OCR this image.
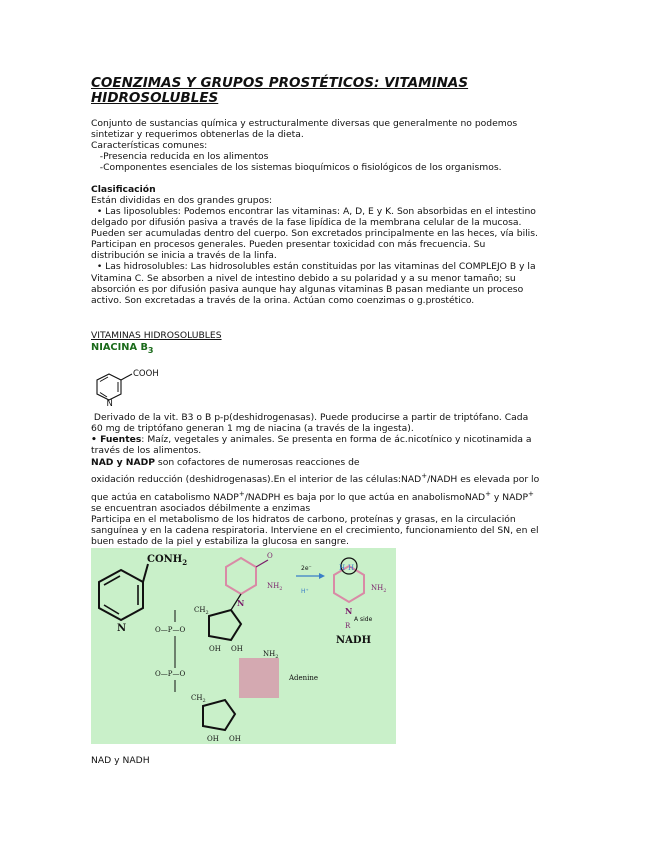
COENZIMAS Y GRUPOS PROSTÉTICOS: VITAMINAS
HIDROSOLUBLES

Conjunto de sustancias química y estructuralmente diversas que generalmente no podemos

sintetizar y requerimos obtenerlas de la dieta.

Características comunes:

-Presencia reducida en los alimentos

-Componentes esenciales de los sistemas bioquímicos o fisiológicos de los organismos.

Clasificación

Están divididas en dos grandes grupos:

• Las liposolubles: Podemos encontrar las vitaminas: A, D, E y K. Son absorbidas en el intestino

delgado por difusión pasiva a través de la fase lipídica de la membrana celular de la mucosa.

Pueden ser acumuladas dentro del cuerpo. Son excretados principalmente en las heces, vía bilis.

Participan en procesos generales. Pueden presentar toxicidad con más frecuencia. Su

distribución se inicia a través de la linfa.

• Las hidrosolubles: Las hidrosolubles están constituidas por las vitaminas del COMPLEJO B y la

Vitamina C. Se absorben a nivel de intestino debido a su polaridad y a su menor tamaño; su

absorción es por difusión pasiva aunque hay algunas vitaminas B pasan mediante un proceso

activo. Son excretadas a través de la orina. Actúan como coenzimas o g.prostético.

VITAMINAS HIDROSOLUBLES

NIACINA $B_3$

COOH
N

Derivado de la vit. B3 o B p-p(deshidrogenasas). Puede producirse a partir de triptófano. Cada

60 mg de triptófano generan 1 mg de niacina (a través de la ingesta).

• Fuentes: Maíz, vegetales y animales. Se presenta en forma de ác.nicotínico y nicotinamida a

través de los alimentos.

NAD y NADP son cofactores de numerosas reacciones de

oxidación reducción (deshidrogenasas).En el interior de las células:NAD+/NADH es elevada por lo

que actúa en catabolismo NADP+/NADPH es baja por lo que actúa en anabolismoNAD+ y NADP+

se encuentran asociados débilmente a enzimas

Participa en el metabolismo de los hidratos de carbono, proteínas y grasas, en la circulación

sanguínea y en la cadena respiratoria. Interviene en el crecimiento, funcionamiento del SN, en el

buen estado de la piel y estabiliza la glucosa en sangre.

$CONH_2$
N
N
O
$NH_2$
2e⁻
H⁺
H H
N
R
A side
$NH_2$
NADH
OH OH
$CH_2$
O—P—O
O—P—O
$NH_2$
Adenine
OH OH
$CH_2$

NAD y NADH
